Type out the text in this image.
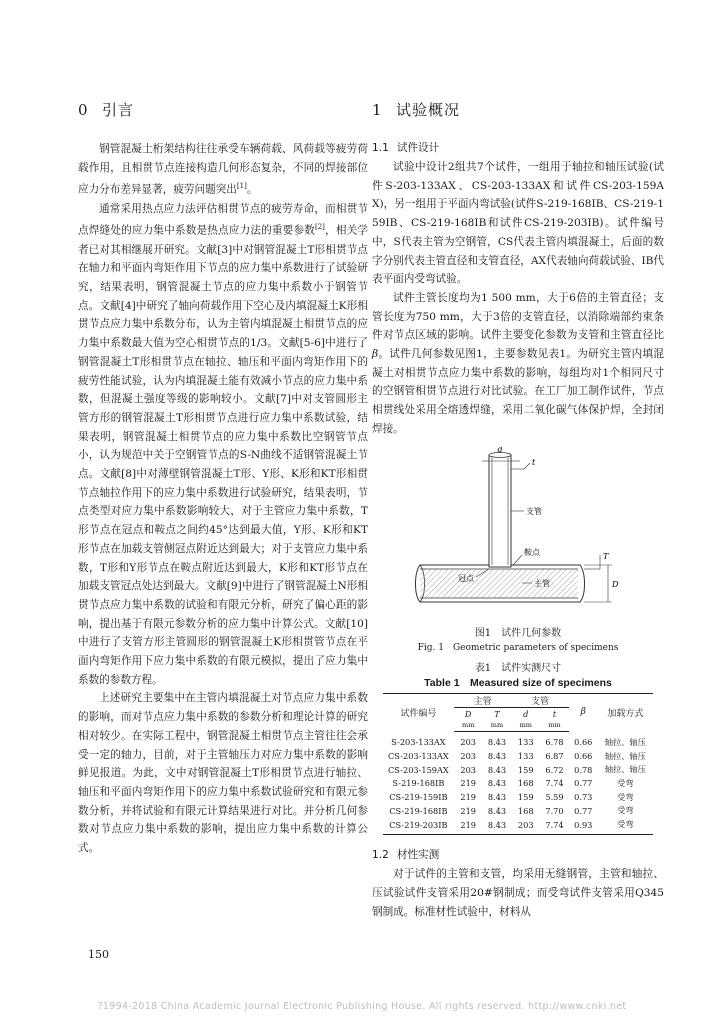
0 引言

钢管混凝土桁架结构往往承受车辆荷载、风荷载等疲劳荷载作用，且相贯节点连接构造几何形态复杂，不同的焊接部位应力分布差异显著，疲劳问题突出[1]。

通常采用热点应力法评估相贯节点的疲劳寿命，而相贯节点焊缝处的应力集中系数是热点应力法的重要参数[2]，相关学者已对其相继展开研究。文献[3]中对钢管混凝土T形相贯节点在轴力和平面内弯矩作用下节点的应力集中系数进行了试验研究，结果表明，钢管混凝土节点的应力集中系数小于钢管节点。文献[4]中研究了轴向荷载作用下空心及内填混凝土K形相贯节点应力集中系数分布，认为主管内填混凝土相贯节点的应力集中系数最大值为空心相贯节点的1/3。文献[5-6]中进行了钢管混凝土T形相贯节点在轴拉、轴压和平面内弯矩作用下的疲劳性能试验，认为内填混凝土能有效减小节点的应力集中系数，但混凝土强度等级的影响较小。文献[7]中对支管圆形主管方形的钢管混凝土T形相贯节点进行应力集中系数试验，结果表明，钢管混凝土相贯节点的应力集中系数比空钢管节点小，认为规范中关于空钢管节点的S-N曲线不适钢管混凝土节点。文献[8]中对薄壁钢管混凝土T形、Y形、K形和KT形相贯节点轴拉作用下的应力集中系数进行试验研究，结果表明，节点类型对应力集中系数影响较大，对于主管应力集中系数，T形节点在冠点和鞍点之间约45°达到最大值，Y形、K形和KT形节点在加载支管侧冠点附近达到最大；对于支管应力集中系数，T形和Y形节点在鞍点附近达到最大，K形和KT形节点在加载支管冠点处达到最大。文献[9]中进行了钢管混凝土N形相贯节点应力集中系数的试验和有限元分析，研究了偏心距的影响，提出基于有限元参数分析的应力集中计算公式。文献[10]中进行了支管方形主管圆形的钢管混凝土K形相贯管节点在平面内弯矩作用下应力集中系数的有限元模拟，提出了应力集中系数的参数方程。

上述研究主要集中在主管内填混凝土对节点应力集中系数的影响，而对节点应力集中系数的参数分析和理论计算的研究相对较少。在实际工程中，钢管混凝土相贯节点主管往往会承受一定的轴力，目前，对于主管轴压力对应力集中系数的影响鲜见报道。为此，文中对钢管混凝土T形相贯节点进行轴拉、轴压和平面内弯矩作用下的应力集中系数试验研究和有限元参数分析，并将试验和有限元计算结果进行对比。并分析几何参数对节点应力集中系数的影响，提出应力集中系数的计算公式。

1 试验概况
1.1 试件设计

试验中设计2组共7个试件，一组用于轴拉和轴压试验(试件S-203-133AX、CS-203-133AX和试件CS-203-159AX)，另一组用于平面内弯试验(试件S-219-168IB、CS-219-159IB、CS-219-168IB和试件CS-219-203IB)。试件编号中，S代表主管为空钢管，CS代表主管内填混凝土，后面的数字分别代表主管直径和支管直径，AX代表轴向荷载试验、IB代表平面内受弯试验。

试件主管长度均为1 500 mm，大于6倍的主管直径；支管长度为750 mm，大于3倍的支管直径，以消除端部约束条件对节点区域的影响。试件主要变化参数为支管和主管直径比β。试件几何参数见图1，主要参数见表1。为研究主管内填混凝土对相贯节点应力集中系数的影响，每组均对1个相同尺寸的空钢管相贯节点进行对比试验。在工厂加工制作试件，节点相贯线处采用全熔透焊缝，采用二氧化碳气体保护焊，全封闭焊接。

d
t
支管
鞍点
冠点
主管
T
D

图1　试件几何参数

Fig. 1　Geometric parameters of specimens

表1　试件实测尺寸

Table 1　Measured size of specimens

试件编号	主管		支管		β	加载方式
	D	T	d	t		
	mm	mm	mm	mm		
S-203-133AX	203	8.43	133	6.78	0.66	轴拉、轴压
CS-203-133AX	203	8.43	133	6.87	0.66	轴拉、轴压
CS-203-159AX	203	8.43	159	6.72	0.78	轴拉、轴压
S-219-168IB	219	8.43	168	7.74	0.77	受弯
CS-219-159IB	219	8.43	159	5.59	0.73	受弯
CS-219-168IB	219	8.43	168	7.70	0.77	受弯
CS-219-203IB	219	8.43	203	7.74	0.93	受弯
1.2 材性实测

对于试件的主管和支管，均采用无缝钢管，主管和轴拉、压试验试件支管采用20#钢制成；而受弯试件支管采用Q345钢制成。标准材性试验中，材料从

150
?1994-2018 China Academic Journal Electronic Publishing House. All rights reserved. http://www.cnki.net
